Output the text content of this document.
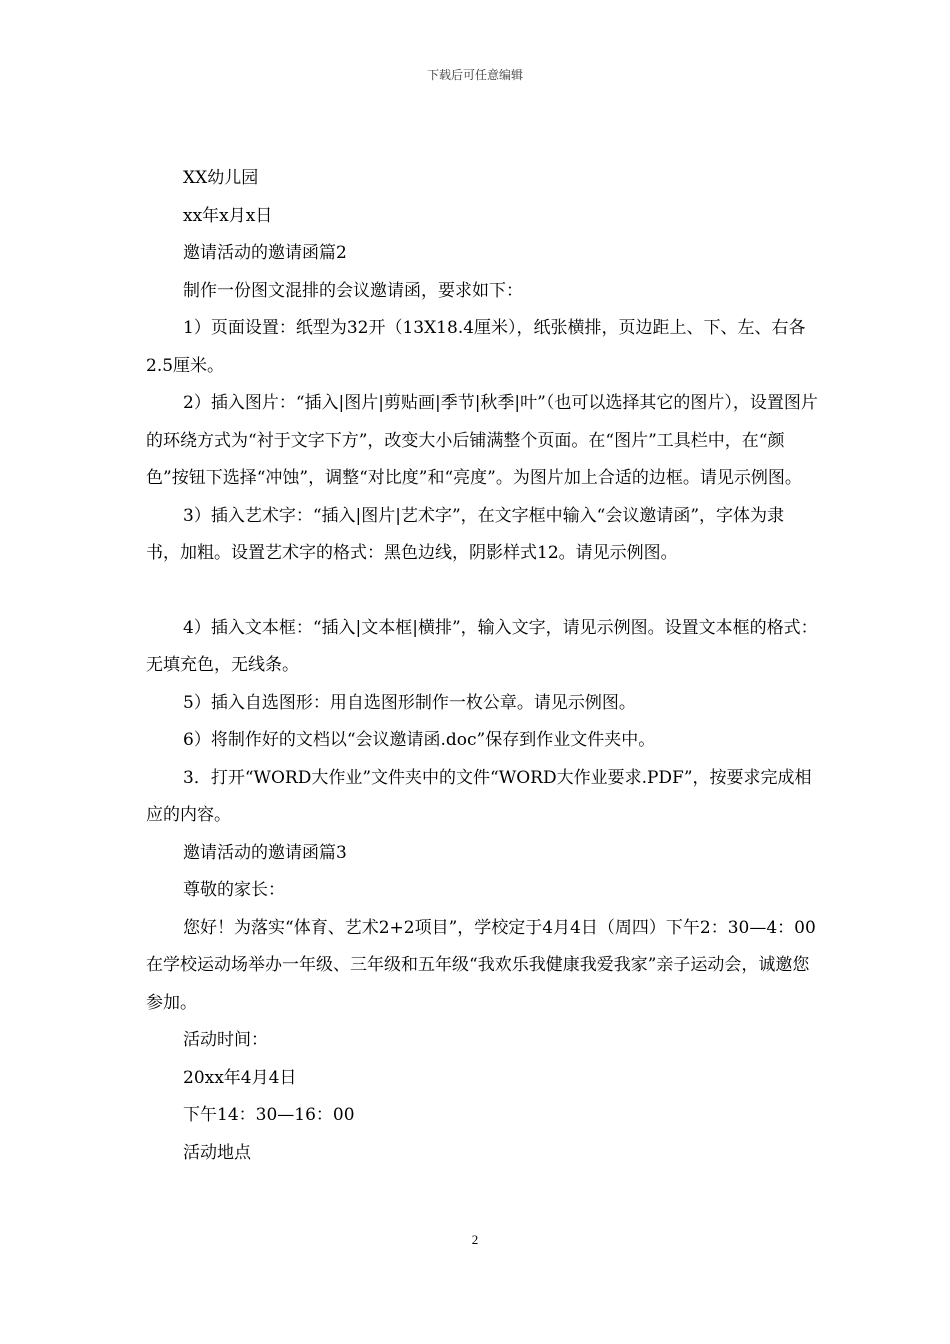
下载后可任意编辑

XX幼儿园

xx年x月x日

邀请活动的邀请函篇2

制作一份图文混排的会议邀请函，要求如下：

1）页面设置：纸型为32开（13X18.4厘米），纸张横排，页边距上、下、左、右各2.5厘米。

2）插入图片：“插入|图片|剪贴画|季节|秋季|叶”（也可以选择其它的图片），设置图片的环绕方式为“衬于文字下方”，改变大小后铺满整个页面。在“图片”工具栏中，在“颜色”按钮下选择“冲蚀”，调整“对比度”和“亮度”。为图片加上合适的边框。请见示例图。

3）插入艺术字：“插入|图片|艺术字”，在文字框中输入“会议邀请函”，字体为隶书，加粗。设置艺术字的格式：黑色边线，阴影样式12。请见示例图。

4）插入文本框：“插入|文本框|横排”，输入文字，请见示例图。设置文本框的格式：无填充色，无线条。

5）插入自选图形：用自选图形制作一枚公章。请见示例图。

6）将制作好的文档以“会议邀请函.doc”保存到作业文件夹中。

3．打开“WORD大作业”文件夹中的文件“WORD大作业要求.PDF”，按要求完成相应的内容。

邀请活动的邀请函篇3

尊敬的家长：

您好！为落实“体育、艺术2+2项目”，学校定于4月4日（周四）下午2：30—4：00在学校运动场举办一年级、三年级和五年级“我欢乐我健康我爱我家”亲子运动会，诚邀您参加。

活动时间：

20xx年4月4日

下午14：30—16：00

活动地点

2
